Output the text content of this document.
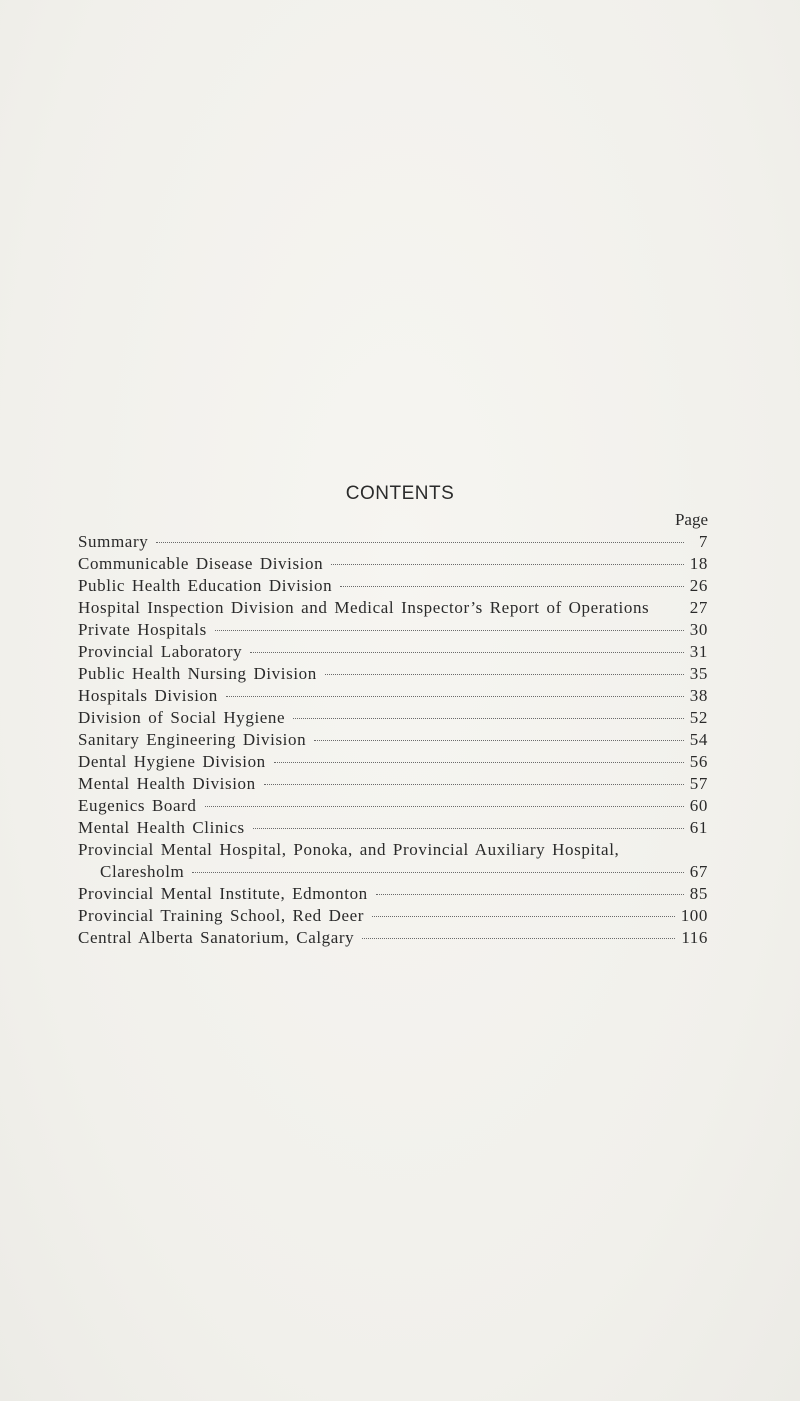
CONTENTS
Page
Summary	7
Communicable Disease Division	18
Public Health Education Division	26
Hospital Inspection Division and Medical Inspector’s Report of Operations 27
Private Hospitals	30
Provincial Laboratory	31
Public Health Nursing Division	35
Hospitals Division	38
Division of Social Hygiene	52
Sanitary Engineering Division	54
Dental Hygiene Division	56
Mental Health Division	57
Eugenics Board	60
Mental Health Clinics	61
Provincial Mental Hospital, Ponoka, and Provincial Auxiliary Hospital,
Claresholm	67
Provincial Mental Institute, Edmonton	85
Provincial Training School, Red Deer	100
Central Alberta Sanatorium, Calgary	116
